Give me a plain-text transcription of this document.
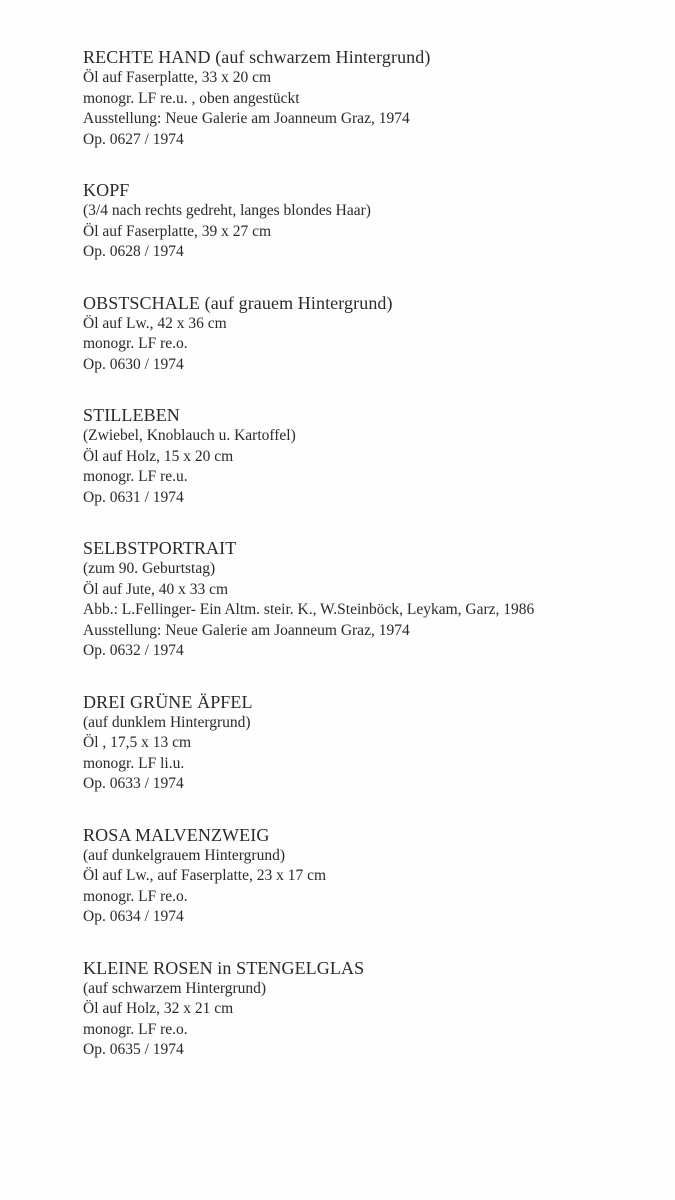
RECHTE HAND (auf schwarzem Hintergrund)
Öl auf Faserplatte, 33 x 20 cm
monogr. LF re.u. , oben angestückt
Ausstellung: Neue Galerie am Joanneum Graz, 1974
Op. 0627 / 1974
KOPF
(3/4 nach rechts gedreht, langes blondes Haar)
Öl auf Faserplatte, 39 x 27 cm
Op. 0628 / 1974
OBSTSCHALE (auf grauem Hintergrund)
Öl auf Lw., 42 x 36 cm
monogr. LF re.o.
Op. 0630 / 1974
STILLEBEN
(Zwiebel, Knoblauch u. Kartoffel)
Öl auf Holz, 15 x 20 cm
monogr. LF re.u.
Op. 0631 / 1974
SELBSTPORTRAIT
(zum 90. Geburtstag)
Öl auf Jute, 40 x 33 cm
Abb.: L.Fellinger- Ein Altm. steir. K., W.Steinböck, Leykam, Garz, 1986
Ausstellung: Neue Galerie am Joanneum Graz, 1974
Op. 0632 / 1974
DREI GRÜNE ÄPFEL
(auf dunklem Hintergrund)
Öl , 17,5 x 13 cm
monogr. LF li.u.
Op. 0633 / 1974
ROSA MALVENZWEIG
(auf dunkelgrauem Hintergrund)
Öl auf Lw., auf Faserplatte, 23 x 17 cm
monogr. LF re.o.
Op. 0634 / 1974
KLEINE ROSEN in STENGELGLAS
(auf schwarzem Hintergrund)
Öl auf Holz, 32 x 21 cm
monogr. LF re.o.
Op. 0635 / 1974
